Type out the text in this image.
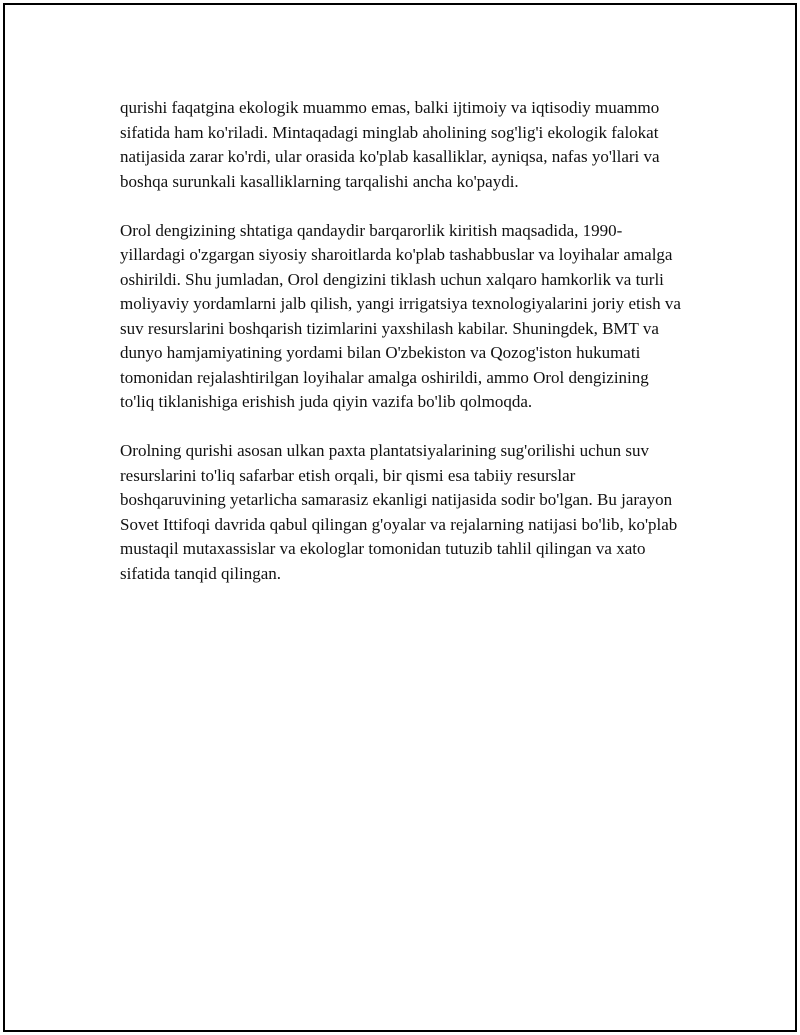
qurishi faqatgina ekologik muammo emas, balki ijtimoiy va iqtisodiy muammo sifatida ham ko'riladi. Mintaqadagi minglab aholining sog'lig'i ekologik falokat natijasida zarar ko'rdi, ular orasida ko'plab kasalliklar, ayniqsa, nafas yo'llari va boshqa surunkali kasalliklarning tarqalishi ancha ko'paydi.

Orol dengizining shtatiga qandaydir barqarorlik kiritish maqsadida, 1990-yillardagi o'zgargan siyosiy sharoitlarda ko'plab tashabbuslar va loyihalar amalga oshirildi. Shu jumladan, Orol dengizini tiklash uchun xalqaro hamkorlik va turli moliyaviy yordamlarni jalb qilish, yangi irrigatsiya texnologiyalarini joriy etish va suv resurslarini boshqarish tizimlarini yaxshilash kabilar. Shuningdek, BMT va dunyo hamjamiyatining yordami bilan O'zbekiston va Qozog'iston hukumati tomonidan rejalashtirilgan loyihalar amalga oshirildi, ammo Orol dengizining to'liq tiklanishiga erishish juda qiyin vazifa bo'lib qolmoqda.

Orolning qurishi asosan ulkan paxta plantatsiyalarining sug'orilishi uchun suv resurslarini to'liq safarbar etish orqali, bir qismi esa tabiiy resurslar boshqaruvining yetarlicha samarasiz ekanligi natijasida sodir bo'lgan. Bu jarayon Sovet Ittifoqi davrida qabul qilingan g'oyalar va rejalarning natijasi bo'lib, ko'plab mustaqil mutaxassislar va ekologlar tomonidan tutuzib tahlil qilingan va xato sifatida tanqid qilingan.
